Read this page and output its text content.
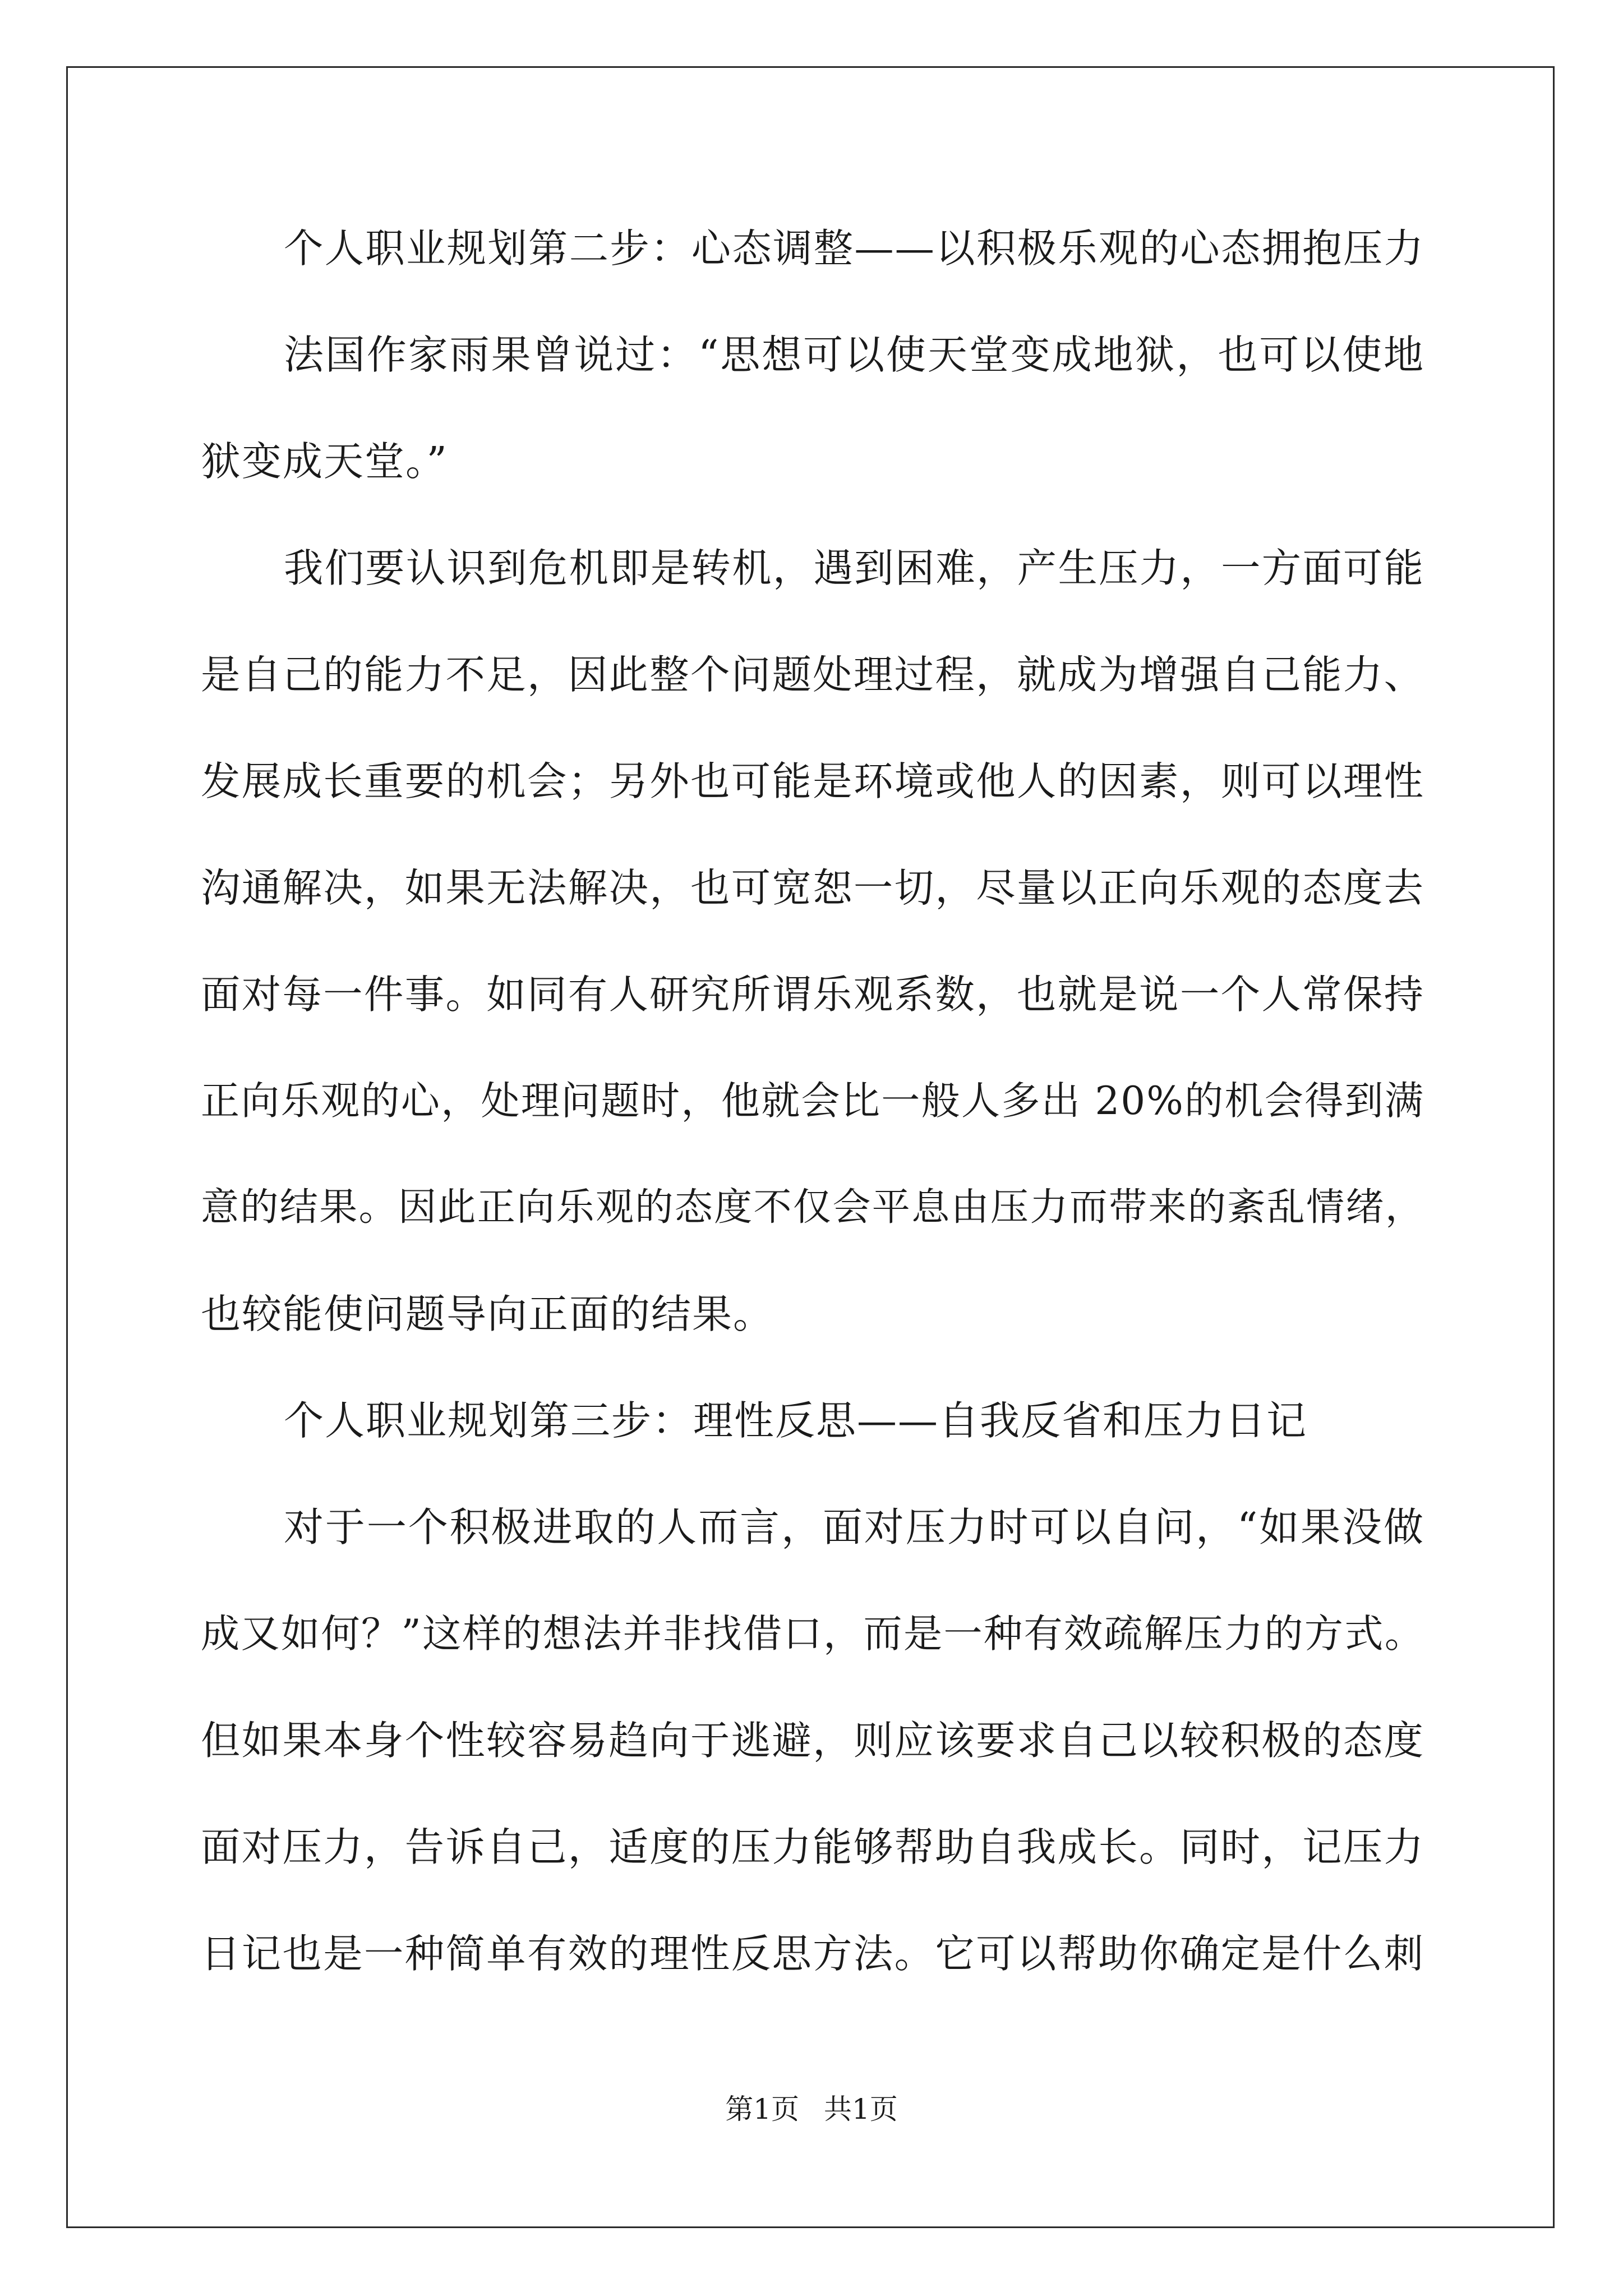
个人职业规划第二步：心态调整——以积极乐观的心态拥抱压力
法国作家雨果曾说过：“思想可以使天堂变成地狱，也可以使地
狱变成天堂。”
我们要认识到危机即是转机，遇到困难，产生压力，一方面可能
是自己的能力不足，因此整个问题处理过程，就成为增强自己能力、
发展成长重要的机会；另外也可能是环境或他人的因素，则可以理性
沟通解决，如果无法解决，也可宽恕一切，尽量以正向乐观的态度去
面对每一件事。如同有人研究所谓乐观系数，也就是说一个人常保持
正向乐观的心，处理问题时，他就会比一般人多出 20%的机会得到满
意的结果。因此正向乐观的态度不仅会平息由压力而带来的紊乱情绪，
也较能使问题导向正面的结果。
个人职业规划第三步：理性反思——自我反省和压力日记
对于一个积极进取的人而言，面对压力时可以自问，“如果没做
成又如何？”这样的想法并非找借口，而是一种有效疏解压力的方式。
但如果本身个性较容易趋向于逃避，则应该要求自己以较积极的态度
面对压力，告诉自己，适度的压力能够帮助自我成长。同时，记压力
日记也是一种简单有效的理性反思方法。它可以帮助你确定是什么刺
第1页 共1页
